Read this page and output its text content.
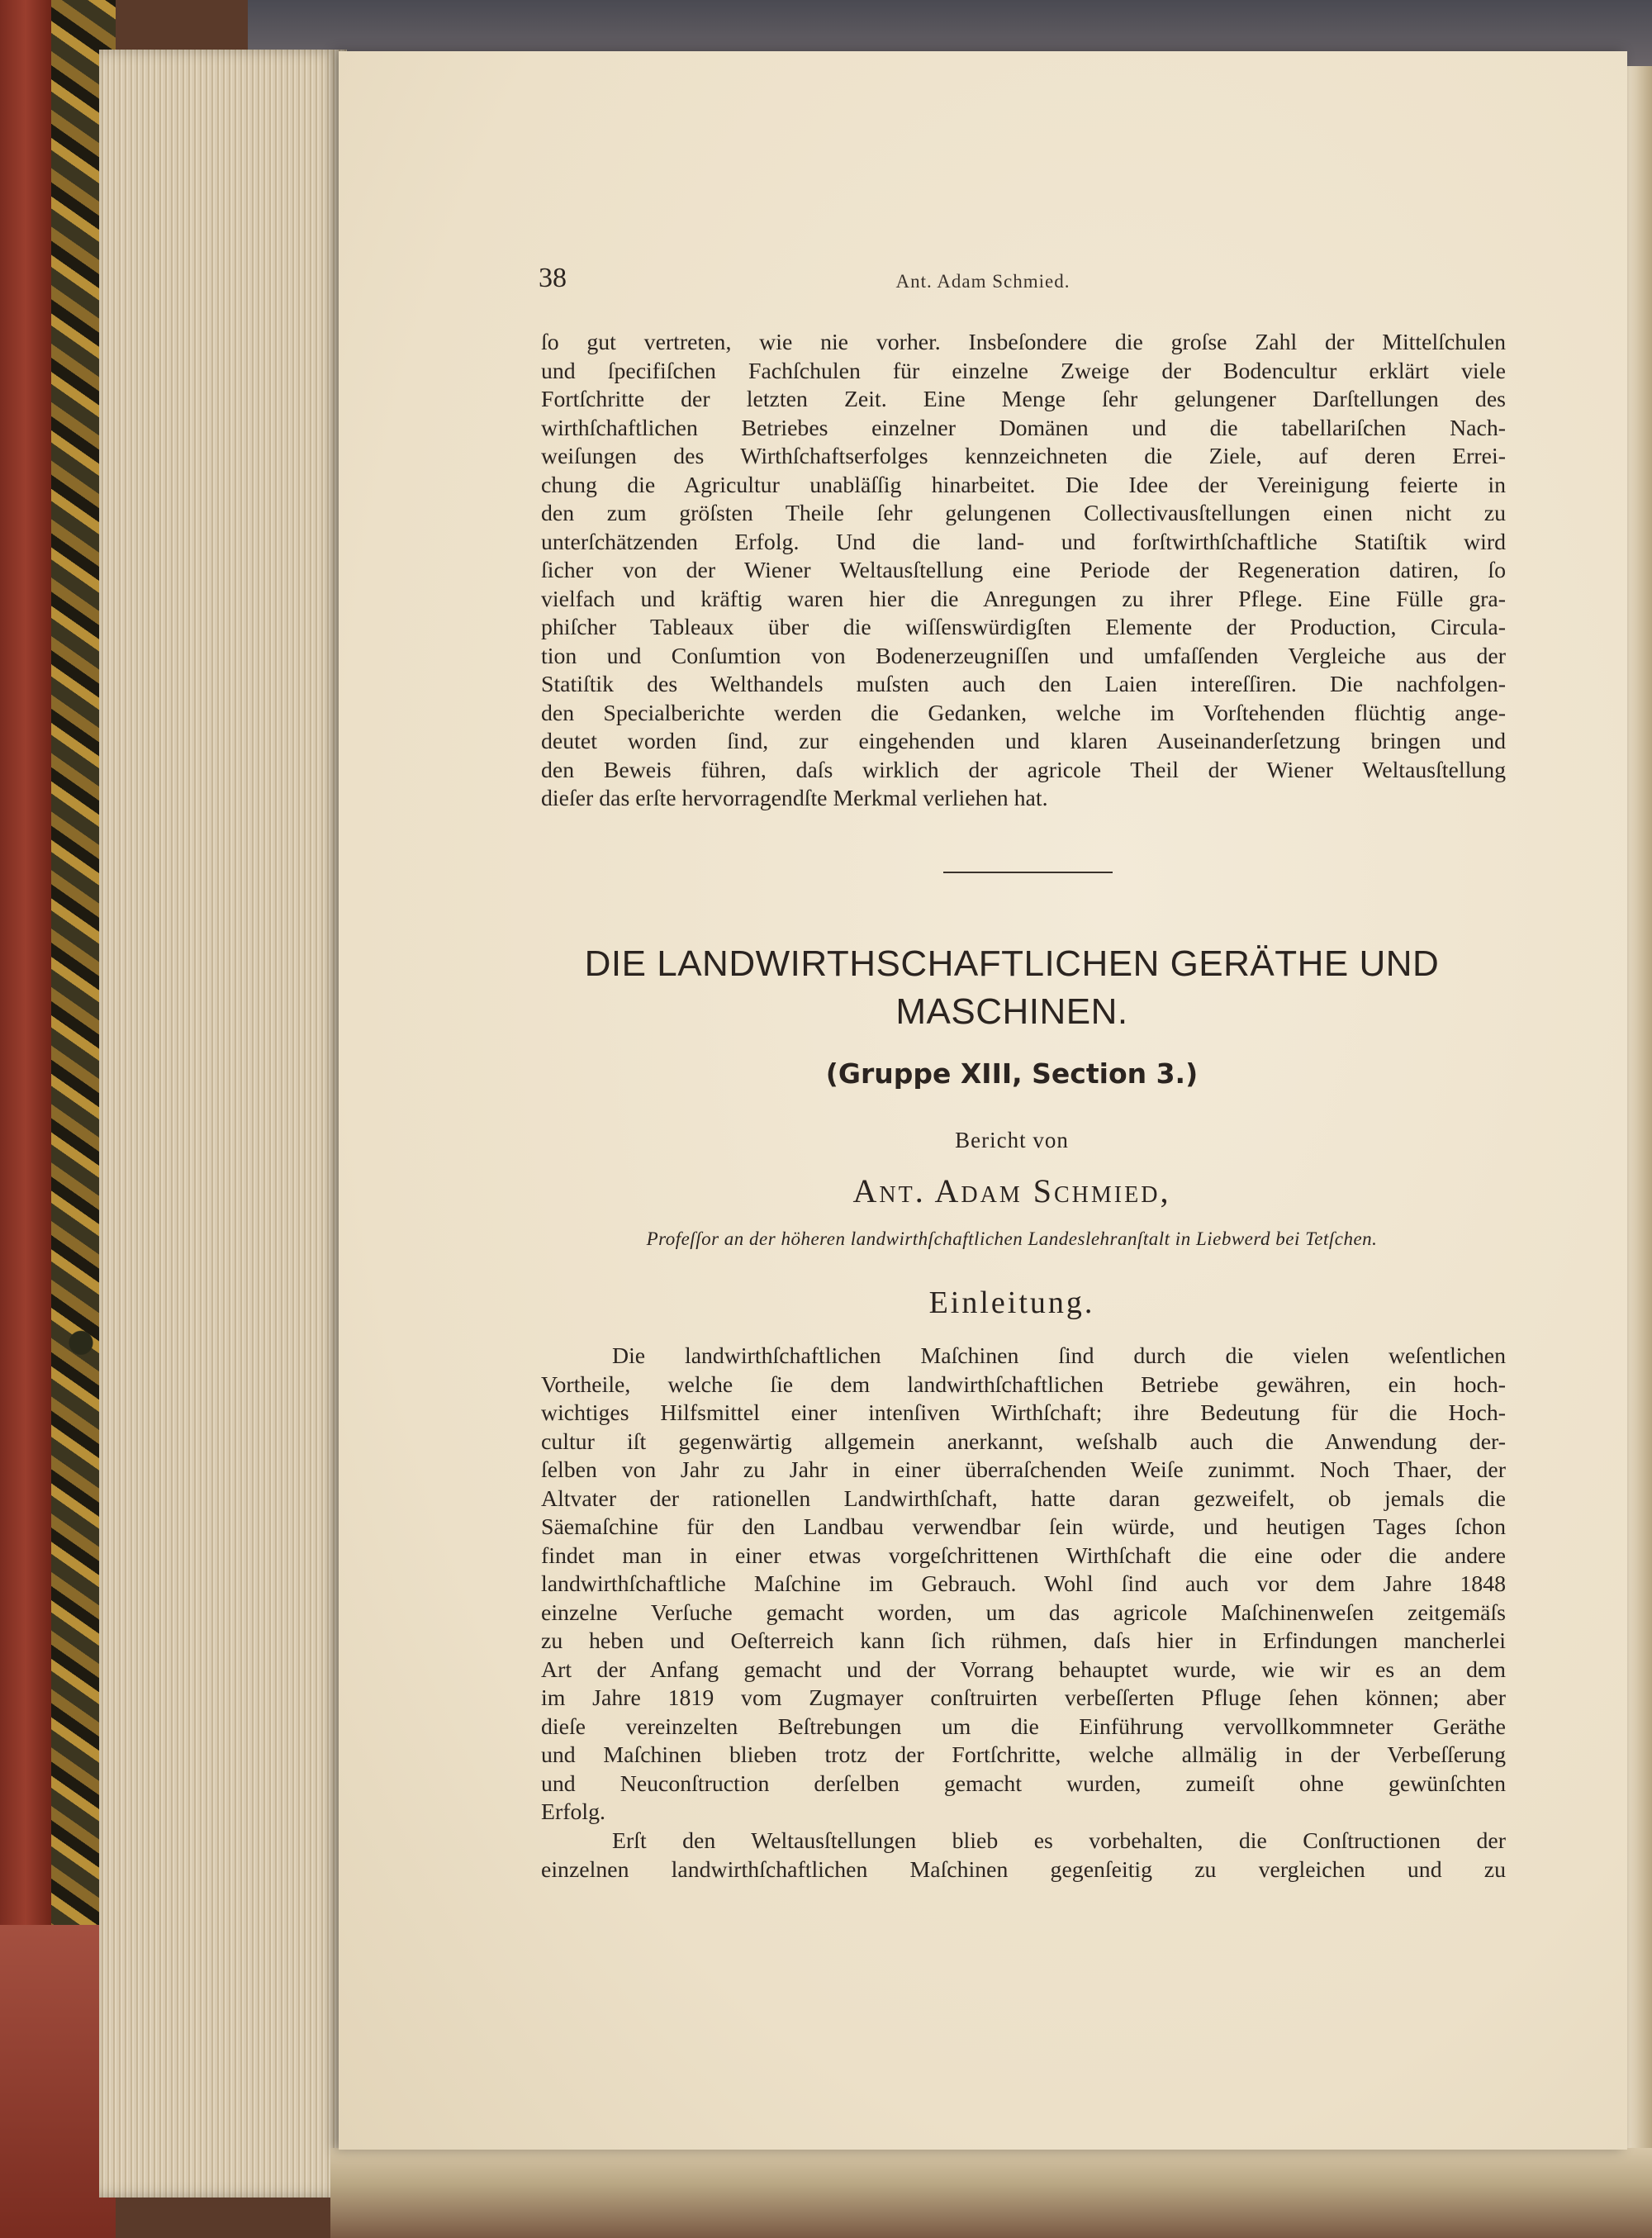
38	Ant. Adam Schmied.
ſo gut vertreten, wie nie vorher. Insbeſondere die groſse Zahl der Mittelſchulen
und ſpecifiſchen Fachſchulen für einzelne Zweige der Bodencultur erklärt viele
Fortſchritte der letzten Zeit. Eine Menge ſehr gelungener Darſtellungen des
wirthſchaftlichen Betriebes einzelner Domänen und die tabellariſchen Nach-
weiſungen des Wirthſchaftserfolges kennzeichneten die Ziele, auf deren Errei-
chung die Agricultur unabläſſig hinarbeitet. Die Idee der Vereinigung feierte in
den zum gröſsten Theile ſehr gelungenen Collectivausſtellungen einen nicht zu
unterſchätzenden Erfolg. Und die land- und forſtwirthſchaftliche Statiſtik wird
ſicher von der Wiener Weltausſtellung eine Periode der Regeneration datiren, ſo
vielfach und kräftig waren hier die Anregungen zu ihrer Pflege. Eine Fülle gra-
phiſcher Tableaux über die wiſſenswürdigſten Elemente der Production, Circula-
tion und Conſumtion von Bodenerzeugniſſen und umfaſſenden Vergleiche aus der
Statiſtik des Welthandels muſsten auch den Laien intereſſiren. Die nachfolgen-
den Specialberichte werden die Gedanken, welche im Vorſtehenden flüchtig ange-
deutet worden ſind, zur eingehenden und klaren Auseinanderſetzung bringen und
den Beweis führen, daſs wirklich der agricole Theil der Wiener Weltausſtellung
dieſer das erſte hervorragendſte Merkmal verliehen hat.
DIE LANDWIRTHSCHAFTLICHEN GERÄTHE UND
MASCHINEN.
(Gruppe XIII, Section 3.)
Bericht von
Ant. Adam Schmied,
Profeſſor an der höheren landwirthſchaftlichen Landeslehranſtalt in Liebwerd bei Tetſchen.
Einleitung.
Die landwirthſchaftlichen Maſchinen ſind durch die vielen weſentlichen
Vortheile, welche ſie dem landwirthſchaftlichen Betriebe gewähren, ein hoch-
wichtiges Hilfsmittel einer intenſiven Wirthſchaft; ihre Bedeutung für die Hoch-
cultur iſt gegenwärtig allgemein anerkannt, weſshalb auch die Anwendung der-
ſelben von Jahr zu Jahr in einer überraſchenden Weiſe zunimmt. Noch Thaer, der
Altvater der rationellen Landwirthſchaft, hatte daran gezweifelt, ob jemals die
Säemaſchine für den Landbau verwendbar ſein würde, und heutigen Tages ſchon
findet man in einer etwas vorgeſchrittenen Wirthſchaft die eine oder die andere
landwirthſchaftliche Maſchine im Gebrauch. Wohl ſind auch vor dem Jahre 1848
einzelne Verſuche gemacht worden, um das agricole Maſchinenweſen zeitgemäſs
zu heben und Oeſterreich kann ſich rühmen, daſs hier in Erfindungen mancherlei
Art der Anfang gemacht und der Vorrang behauptet wurde, wie wir es an dem
im Jahre 1819 vom Zugmayer conſtruirten verbeſſerten Pfluge ſehen können; aber
dieſe vereinzelten Beſtrebungen um die Einführung vervollkommneter Geräthe
und Maſchinen blieben trotz der Fortſchritte, welche allmälig in der Verbeſſerung
und Neuconſtruction derſelben gemacht wurden, zumeiſt ohne gewünſchten
Erfolg.
Erſt den Weltausſtellungen blieb es vorbehalten, die Conſtructionen der
einzelnen landwirthſchaftlichen Maſchinen gegenſeitig zu vergleichen und zu
